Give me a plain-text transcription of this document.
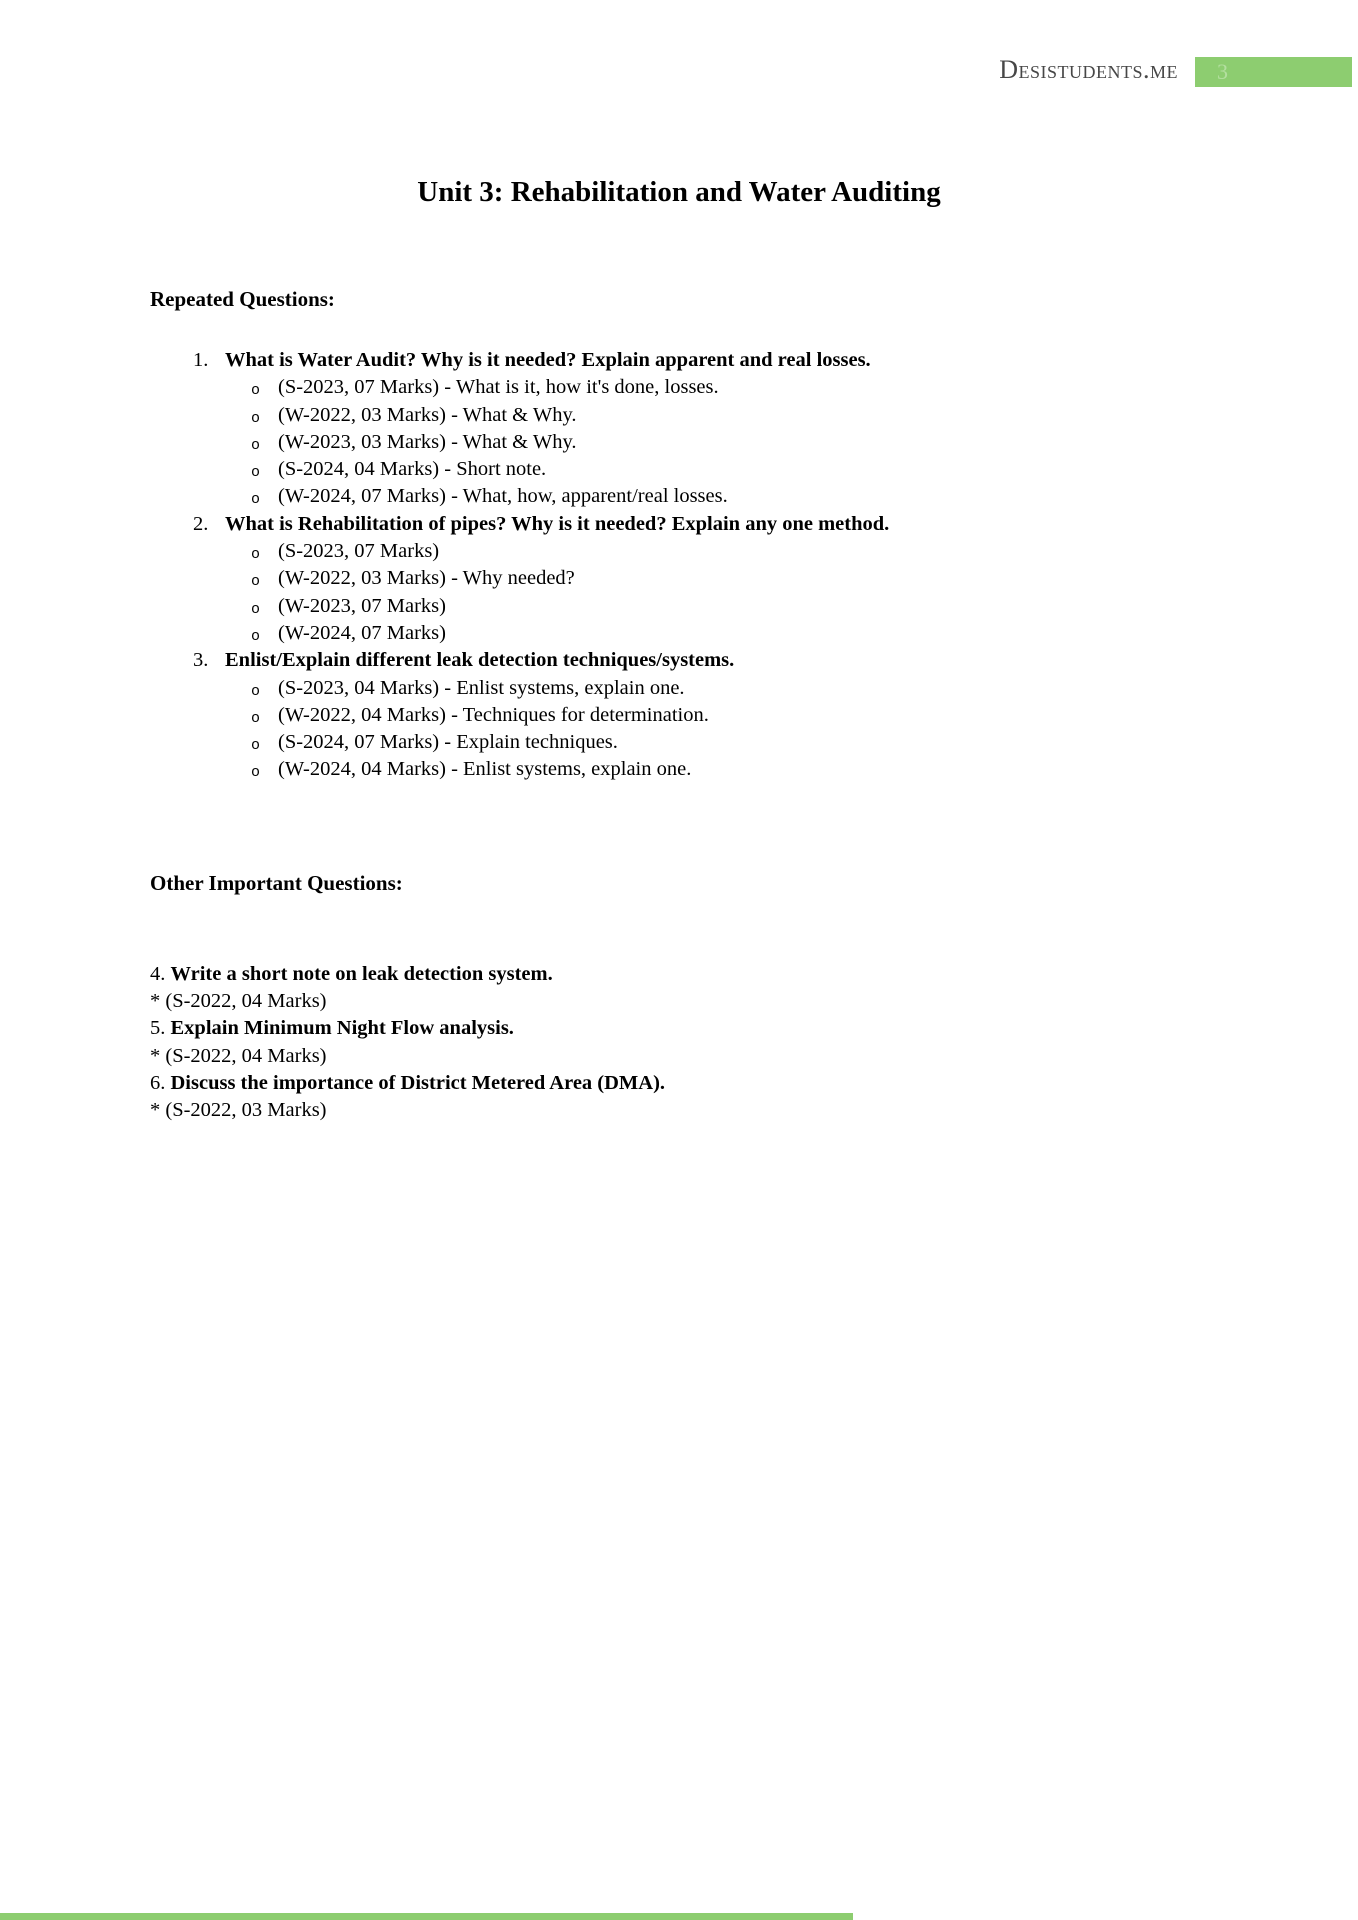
Desistudents.me	3
Unit 3: Rehabilitation and Water Auditing
Repeated Questions:
1. What is Water Audit? Why is it needed? Explain apparent and real losses.
o (S-2023, 07 Marks) - What is it, how it's done, losses.
o (W-2022, 03 Marks) - What & Why.
o (W-2023, 03 Marks) - What & Why.
o (S-2024, 04 Marks) - Short note.
o (W-2024, 07 Marks) - What, how, apparent/real losses.
2. What is Rehabilitation of pipes? Why is it needed? Explain any one method.
o (S-2023, 07 Marks)
o (W-2022, 03 Marks) - Why needed?
o (W-2023, 07 Marks)
o (W-2024, 07 Marks)
3. Enlist/Explain different leak detection techniques/systems.
o (S-2023, 04 Marks) - Enlist systems, explain one.
o (W-2022, 04 Marks) - Techniques for determination.
o (S-2024, 07 Marks) - Explain techniques.
o (W-2024, 04 Marks) - Enlist systems, explain one.
Other Important Questions:
4. Write a short note on leak detection system.
* (S-2022, 04 Marks)
5. Explain Minimum Night Flow analysis.
* (S-2022, 04 Marks)
6. Discuss the importance of District Metered Area (DMA).
* (S-2022, 03 Marks)
